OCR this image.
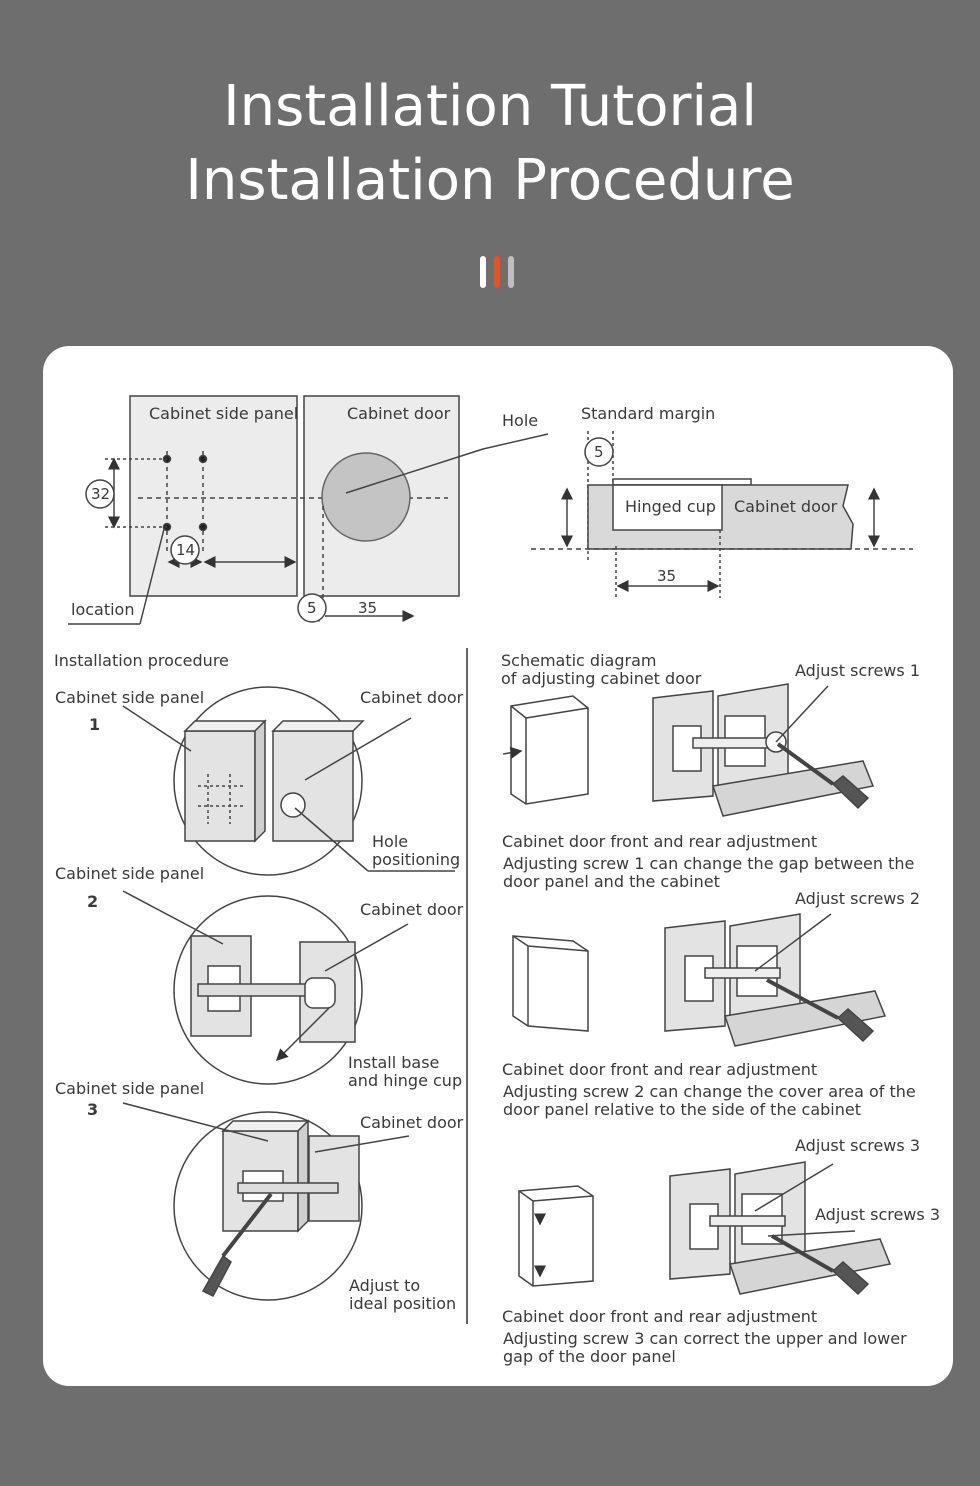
Installation Tutorial
Installation Procedure
Cabinet side panel	Cabinet door	Hole
location
32
14
5	35
Standard margin
Hinged cup Cabinet door
5
35
Installation procedure
Cabinet side panel
1
Cabinet door
Hole
positioning
Cabinet side panel
2	Cabinet door
Install base
and hinge cup
Cabinet side panel
3
Cabinet door
Adjust to
ideal position
Schematic diagram
of adjusting cabinet door	Adjust screws 1
Cabinet door front and rear adjustment
Adjusting screw 1 can change the gap between the
door panel and the cabinet
Adjust screws 2
Cabinet door front and rear adjustment
Adjusting screw 2 can change the cover area of the
door panel relative to the side of the cabinet
Adjust screws 3
Adjust screws 3
Cabinet door front and rear adjustment
Adjusting screw 3 can correct the upper and lower
gap of the door panel
